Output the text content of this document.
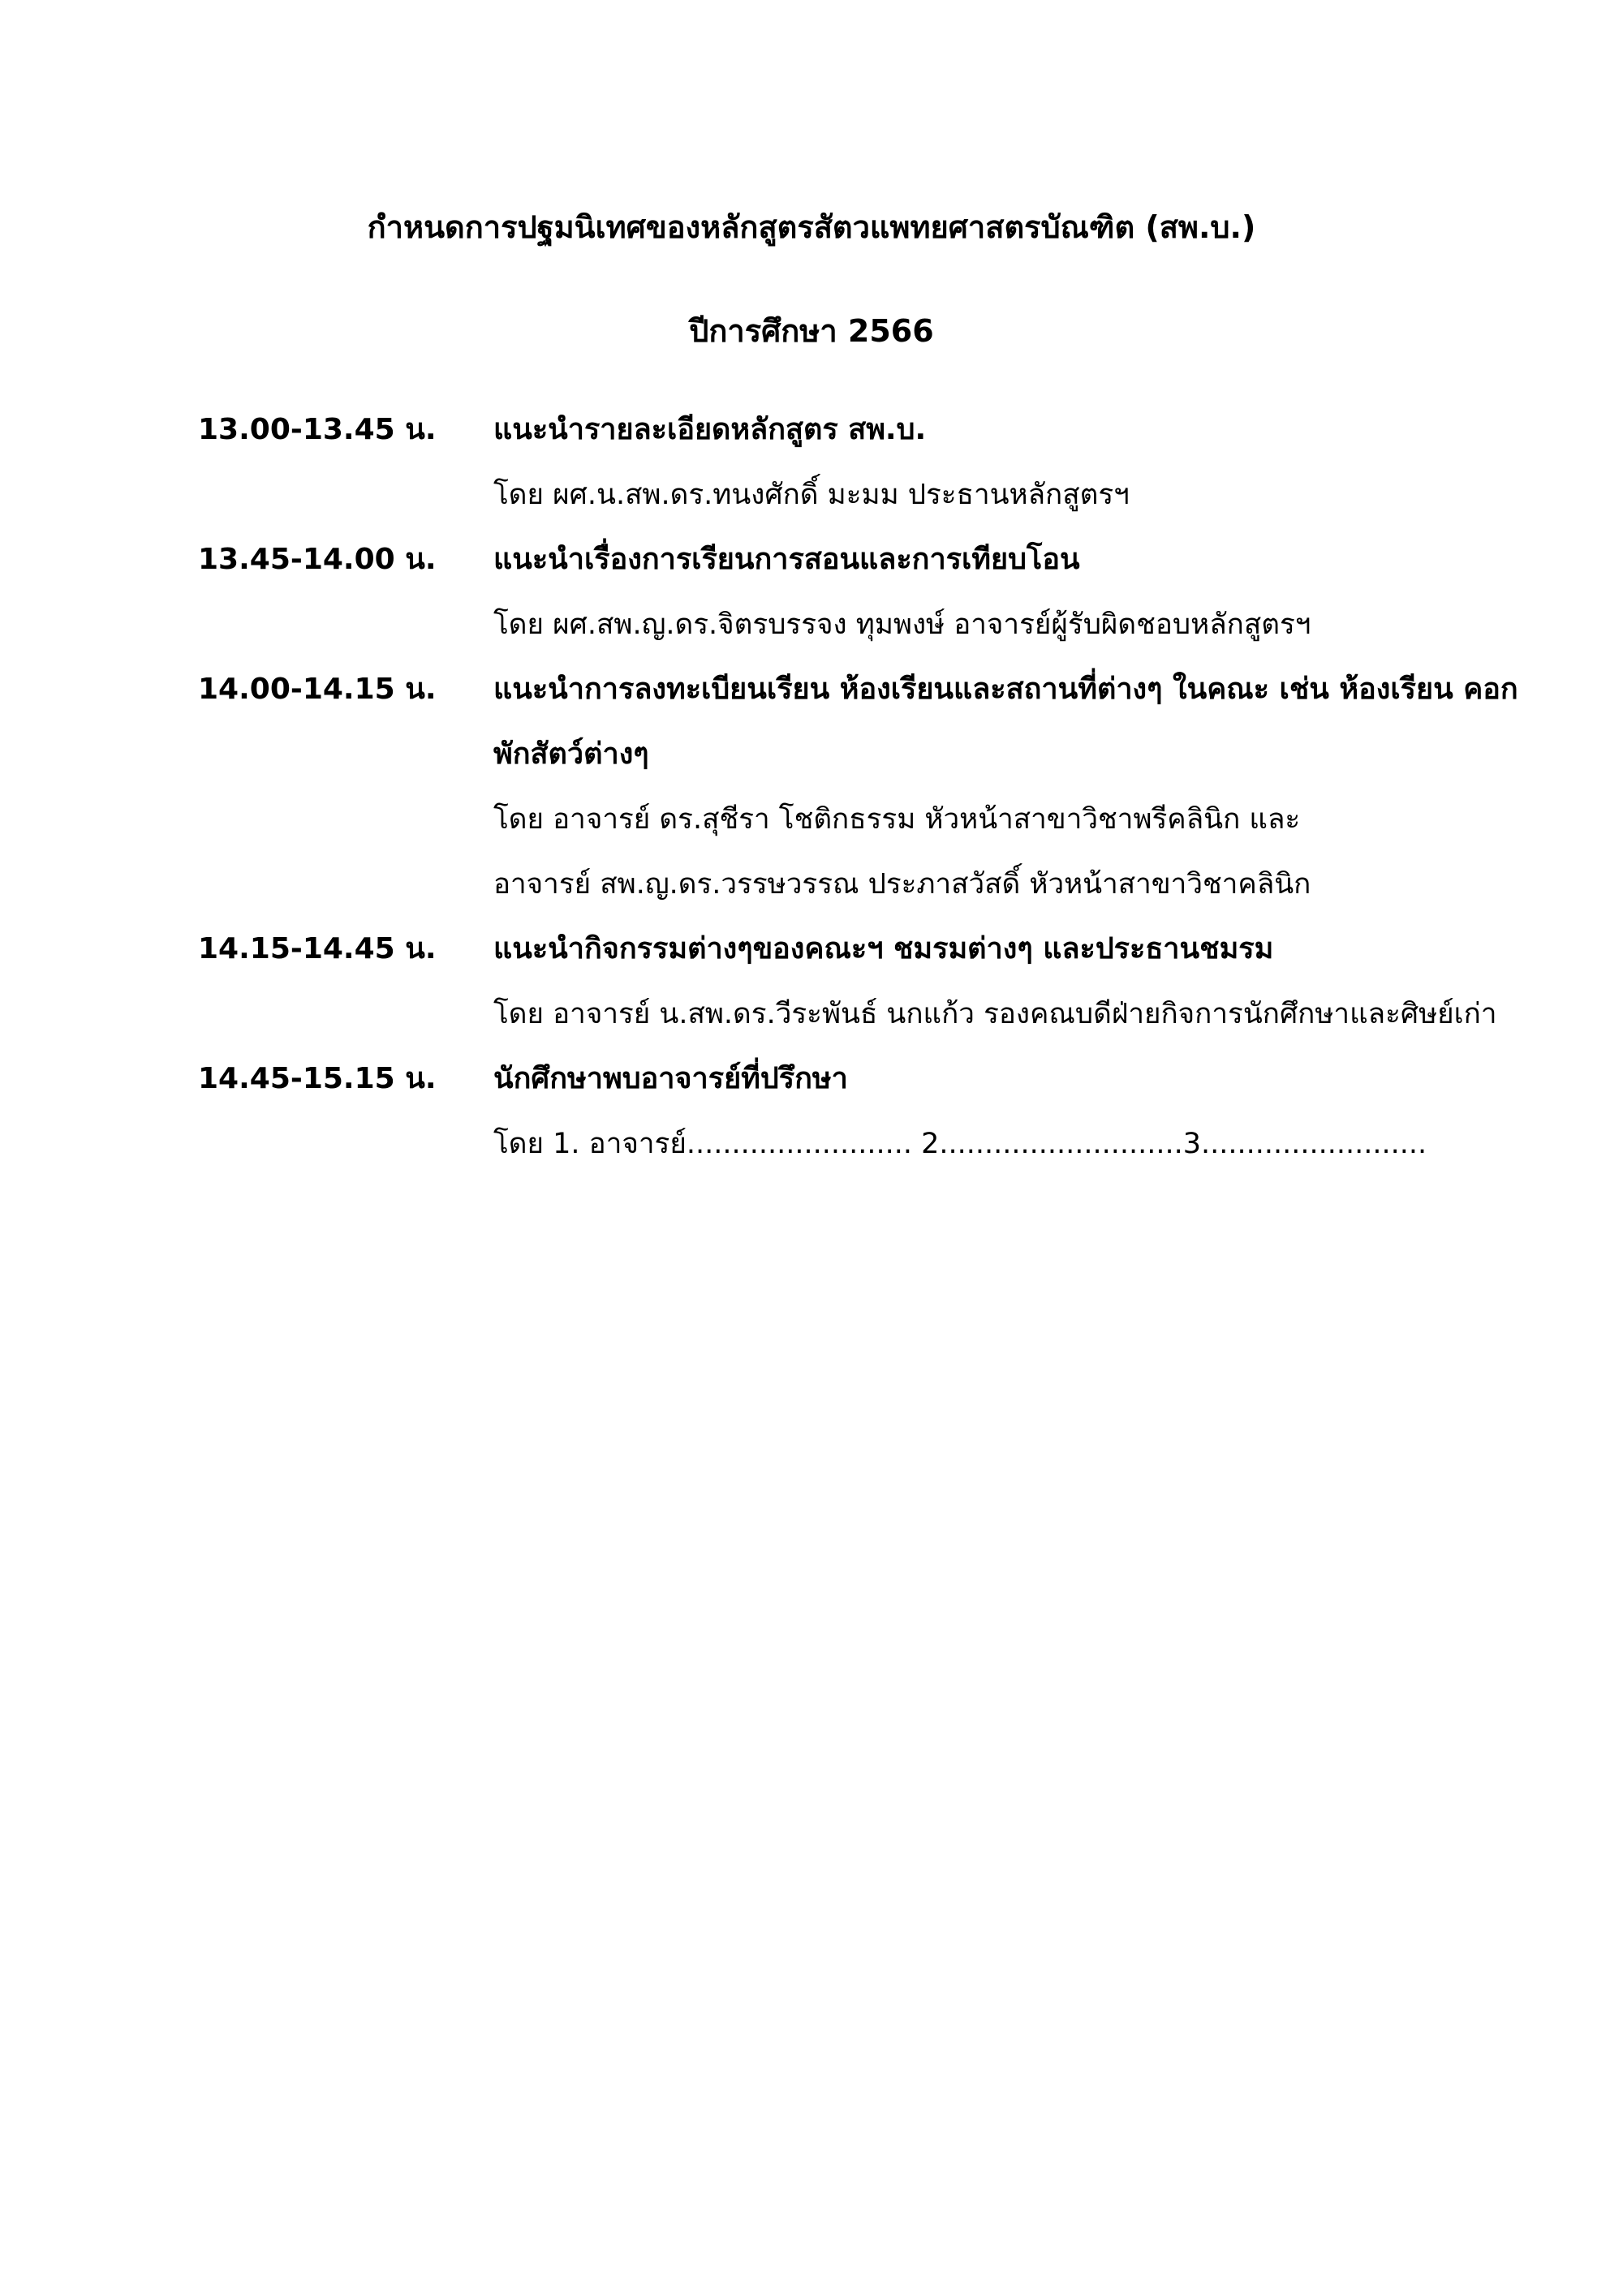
กำหนดการปฐมนิเทศของหลักสูตรสัตวแพทยศาสตรบัณฑิต (สพ.บ.)
ปีการศึกษา 2566
13.00-13.45 น.	แนะนำรายละเอียดหลักสูตร สพ.บ.
โดย ผศ.น.สพ.ดร.ทนงศักดิ์ มะมม ประธานหลักสูตรฯ
13.45-14.00 น.	แนะนำเรื่องการเรียนการสอนและการเทียบโอน
โดย ผศ.สพ.ญ.ดร.จิตรบรรจง ทุมพงษ์ อาจารย์ผู้รับผิดชอบหลักสูตรฯ
14.00-14.15 น.	แนะนำการลงทะเบียนเรียน ห้องเรียนและสถานที่ต่างๆ ในคณะ เช่น ห้องเรียน คอก
พักสัตว์ต่างๆ
โดย อาจารย์ ดร.สุชีรา โชติกธรรม หัวหน้าสาขาวิชาพรีคลินิก และ
อาจารย์ สพ.ญ.ดร.วรรษวรรณ ประภาสวัสดิ์ หัวหน้าสาขาวิชาคลินิก
14.15-14.45 น.	แนะนำกิจกรรมต่างๆของคณะฯ ชมรมต่างๆ และประธานชมรม
โดย อาจารย์ น.สพ.ดร.วีระพันธ์ นกแก้ว รองคณบดีฝ่ายกิจการนักศึกษาและศิษย์เก่า
14.45-15.15 น.	นักศึกษาพบอาจารย์ที่ปรึกษา
โดย 1. อาจารย์......................... 2...........................3.........................
